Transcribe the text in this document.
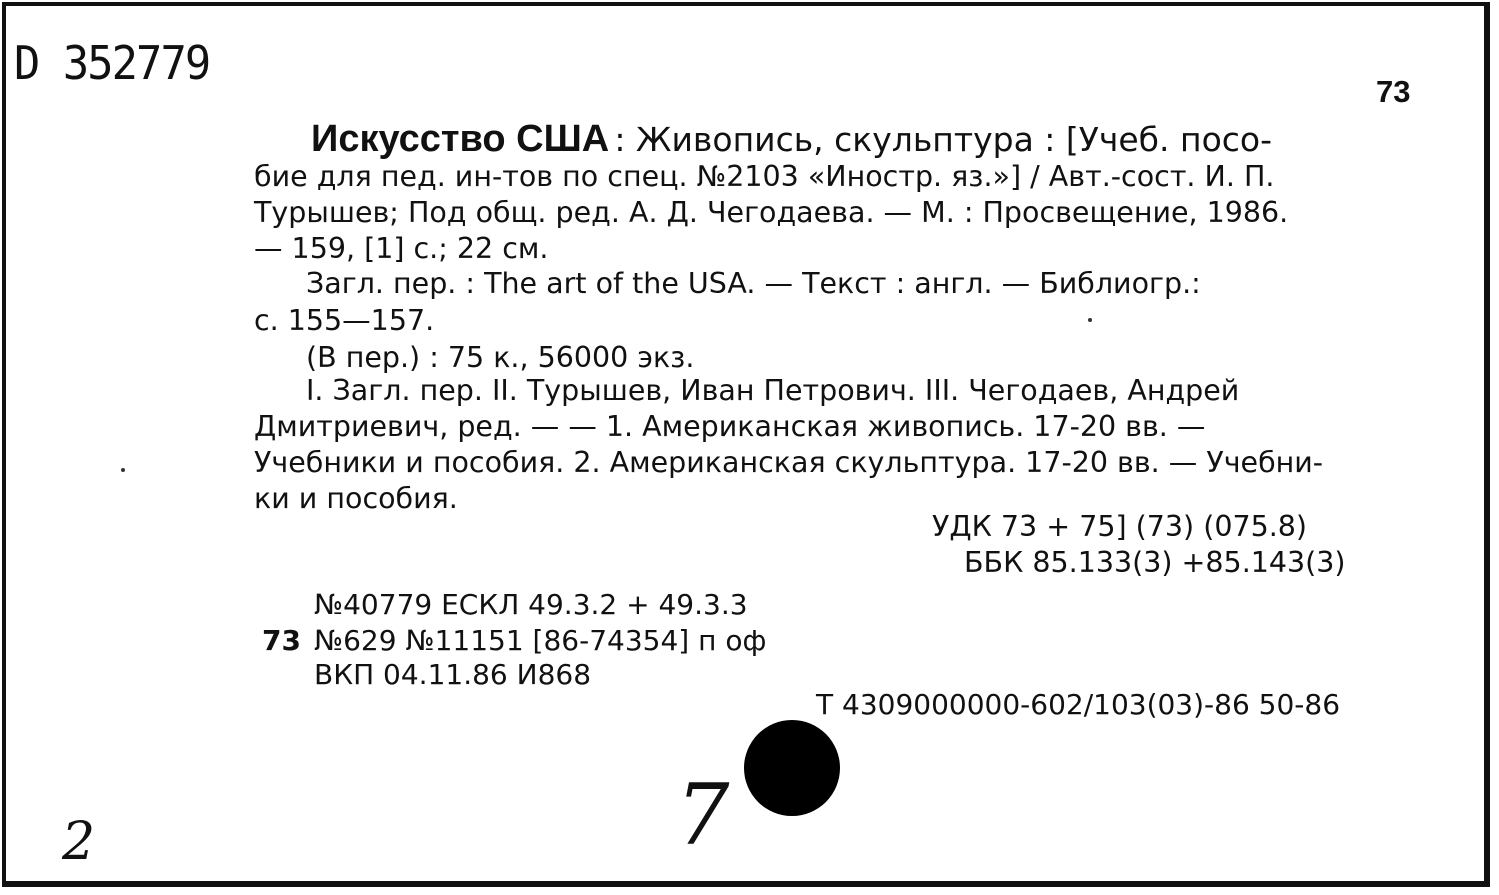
D 352779
73
Искусство США : Живопись, скульптура : [Учеб. посо-
бие для пед. ин-тов по спец. №2103 «Иностр. яз.»] / Авт.-сост. И. П.
Турышев; Под общ. ред. А. Д. Чегодаева. — М. : Просвещение, 1986.
— 159, [1] с.; 22 см.
Загл. пер. : The art of the USA. — Текст : англ. — Библиогр.:
с. 155—157.
(В пер.) : 75 к., 56000 экз.
I. Загл. пер. II. Турышев, Иван Петрович. III. Чегодаев, Андрей
Дмитриевич, ред. — — 1. Американская живопись. 17-20 вв. —
Учебники и пособия. 2. Американская скульптура. 17-20 вв. — Учебни-
ки и пособия.
УДК 73 + 75] (73) (075.8)
ББК 85.133(3) +85.143(3)
№40779 ЕСКЛ 49.3.2 + 49.3.3
73 №629 №11151 [86-74354] п оф
ВКП 04.11.86 И868
Т 4309000000-602/103(03)-86 50-86
2	7
